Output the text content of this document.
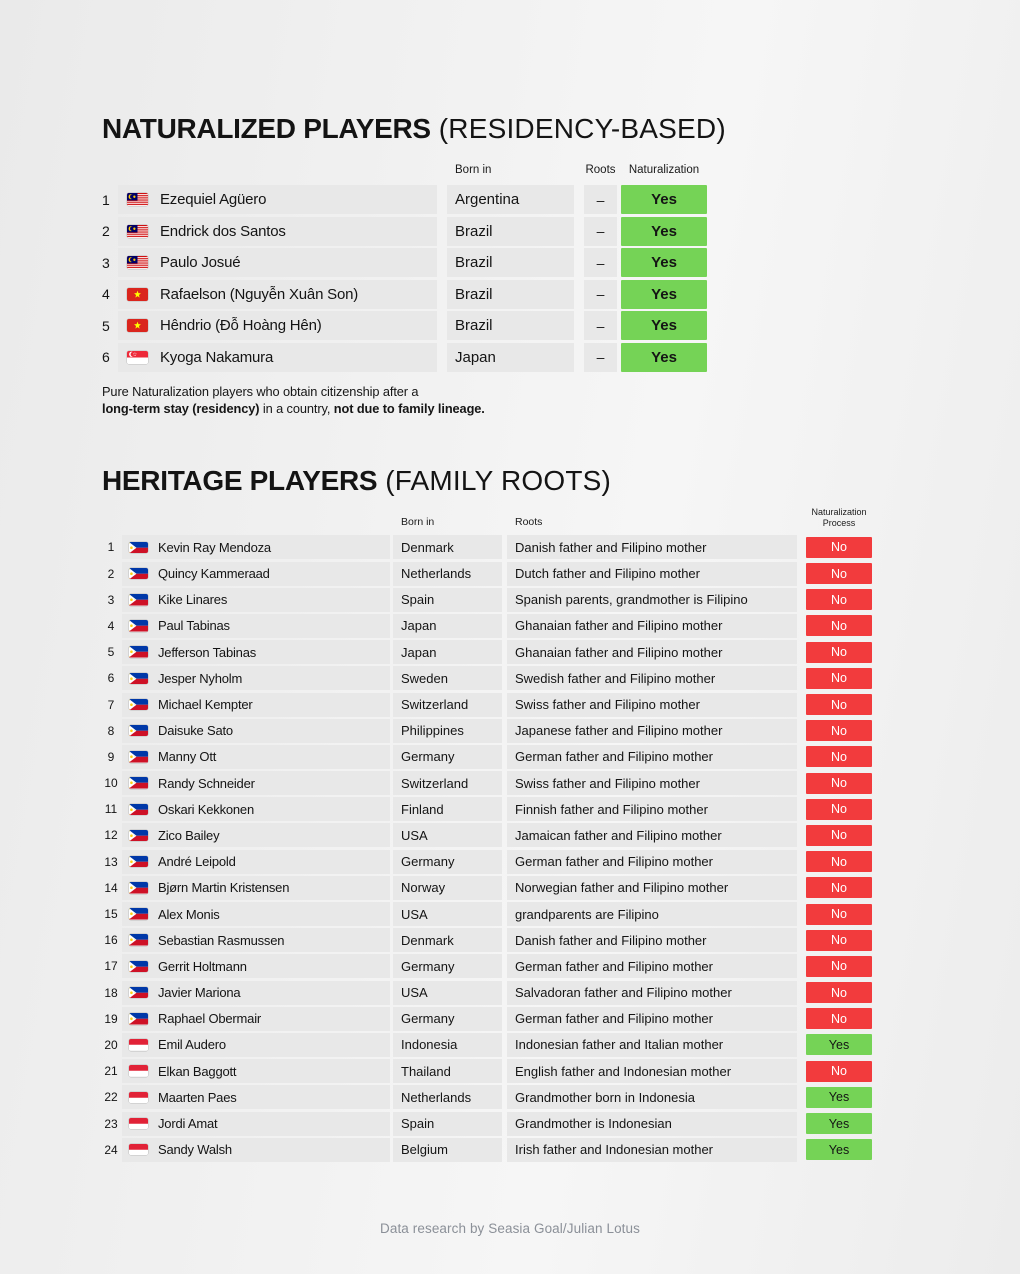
NATURALIZED PLAYERS (RESIDENCY-BASED)
Born in	Roots	Naturalization
1	Ezequiel Agüero	Argentina	–	Yes
2	Endrick dos Santos	Brazil	–	Yes
3	Paulo Josué	Brazil	–	Yes
4	Rafaelson (Nguyễn Xuân Son)	Brazil	–	Yes
5	Hêndrio (Đỗ Hoàng Hên)	Brazil	–	Yes
6	Kyoga Nakamura	Japan	–	Yes

Pure Naturalization players who obtain citizenship after a
long-term stay (residency) in a country, not due to family lineage.

HERITAGE PLAYERS (FAMILY ROOTS)
Born in	Roots
Naturalization
Process
1	Kevin Ray Mendoza	Denmark	Danish father and Filipino mother	No
2	Quincy Kammeraad	Netherlands	Dutch father and Filipino mother	No
3	Kike Linares	Spain	Spanish parents, grandmother is Filipino	No
4	Paul Tabinas	Japan	Ghanaian father and Filipino mother	No
5	Jefferson Tabinas	Japan	Ghanaian father and Filipino mother	No
6	Jesper Nyholm	Sweden	Swedish father and Filipino mother	No
7	Michael Kempter	Switzerland	Swiss father and Filipino mother	No
8	Daisuke Sato	Philippines	Japanese father and Filipino mother	No
9	Manny Ott	Germany	German father and Filipino mother	No
10	Randy Schneider	Switzerland	Swiss father and Filipino mother	No
11	Oskari Kekkonen	Finland	Finnish father and Filipino mother	No
12	Zico Bailey	USA	Jamaican father and Filipino mother	No
13	André Leipold	Germany	German father and Filipino mother	No
14	Bjørn Martin Kristensen	Norway	Norwegian father and Filipino mother	No
15	Alex Monis	USA	grandparents are Filipino	No
16	Sebastian Rasmussen	Denmark	Danish father and Filipino mother	No
17	Gerrit Holtmann	Germany	German father and Filipino mother	No
18	Javier Mariona	USA	Salvadoran father and Filipino mother	No
19	Raphael Obermair	Germany	German father and Filipino mother	No
20	Emil Audero	Indonesia	Indonesian father and Italian mother	Yes
21	Elkan Baggott	Thailand	English father and Indonesian mother	No
22	Maarten Paes	Netherlands	Grandmother born in Indonesia	Yes
23	Jordi Amat	Spain	Grandmother is Indonesian	Yes
24	Sandy Walsh	Belgium	Irish father and Indonesian mother	Yes
Data research by Seasia Goal/Julian Lotus
